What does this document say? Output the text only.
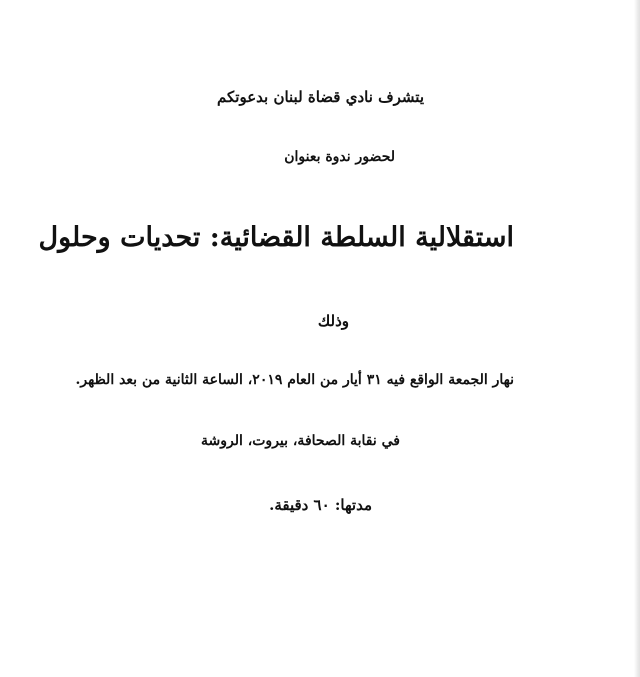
يتشرف نادي قضاة لبنان بدعوتكم
لحضور ندوة بعنوان
استقلالية السلطة القضائية: تحديات وحلول
وذلك
نهار الجمعة الواقع فيه ٣١ أيار من العام ٢٠١٩، الساعة الثانية من بعد الظهر.
في نقابة الصحافة، بيروت، الروشة
مدتها: ٦٠ دقيقة.
